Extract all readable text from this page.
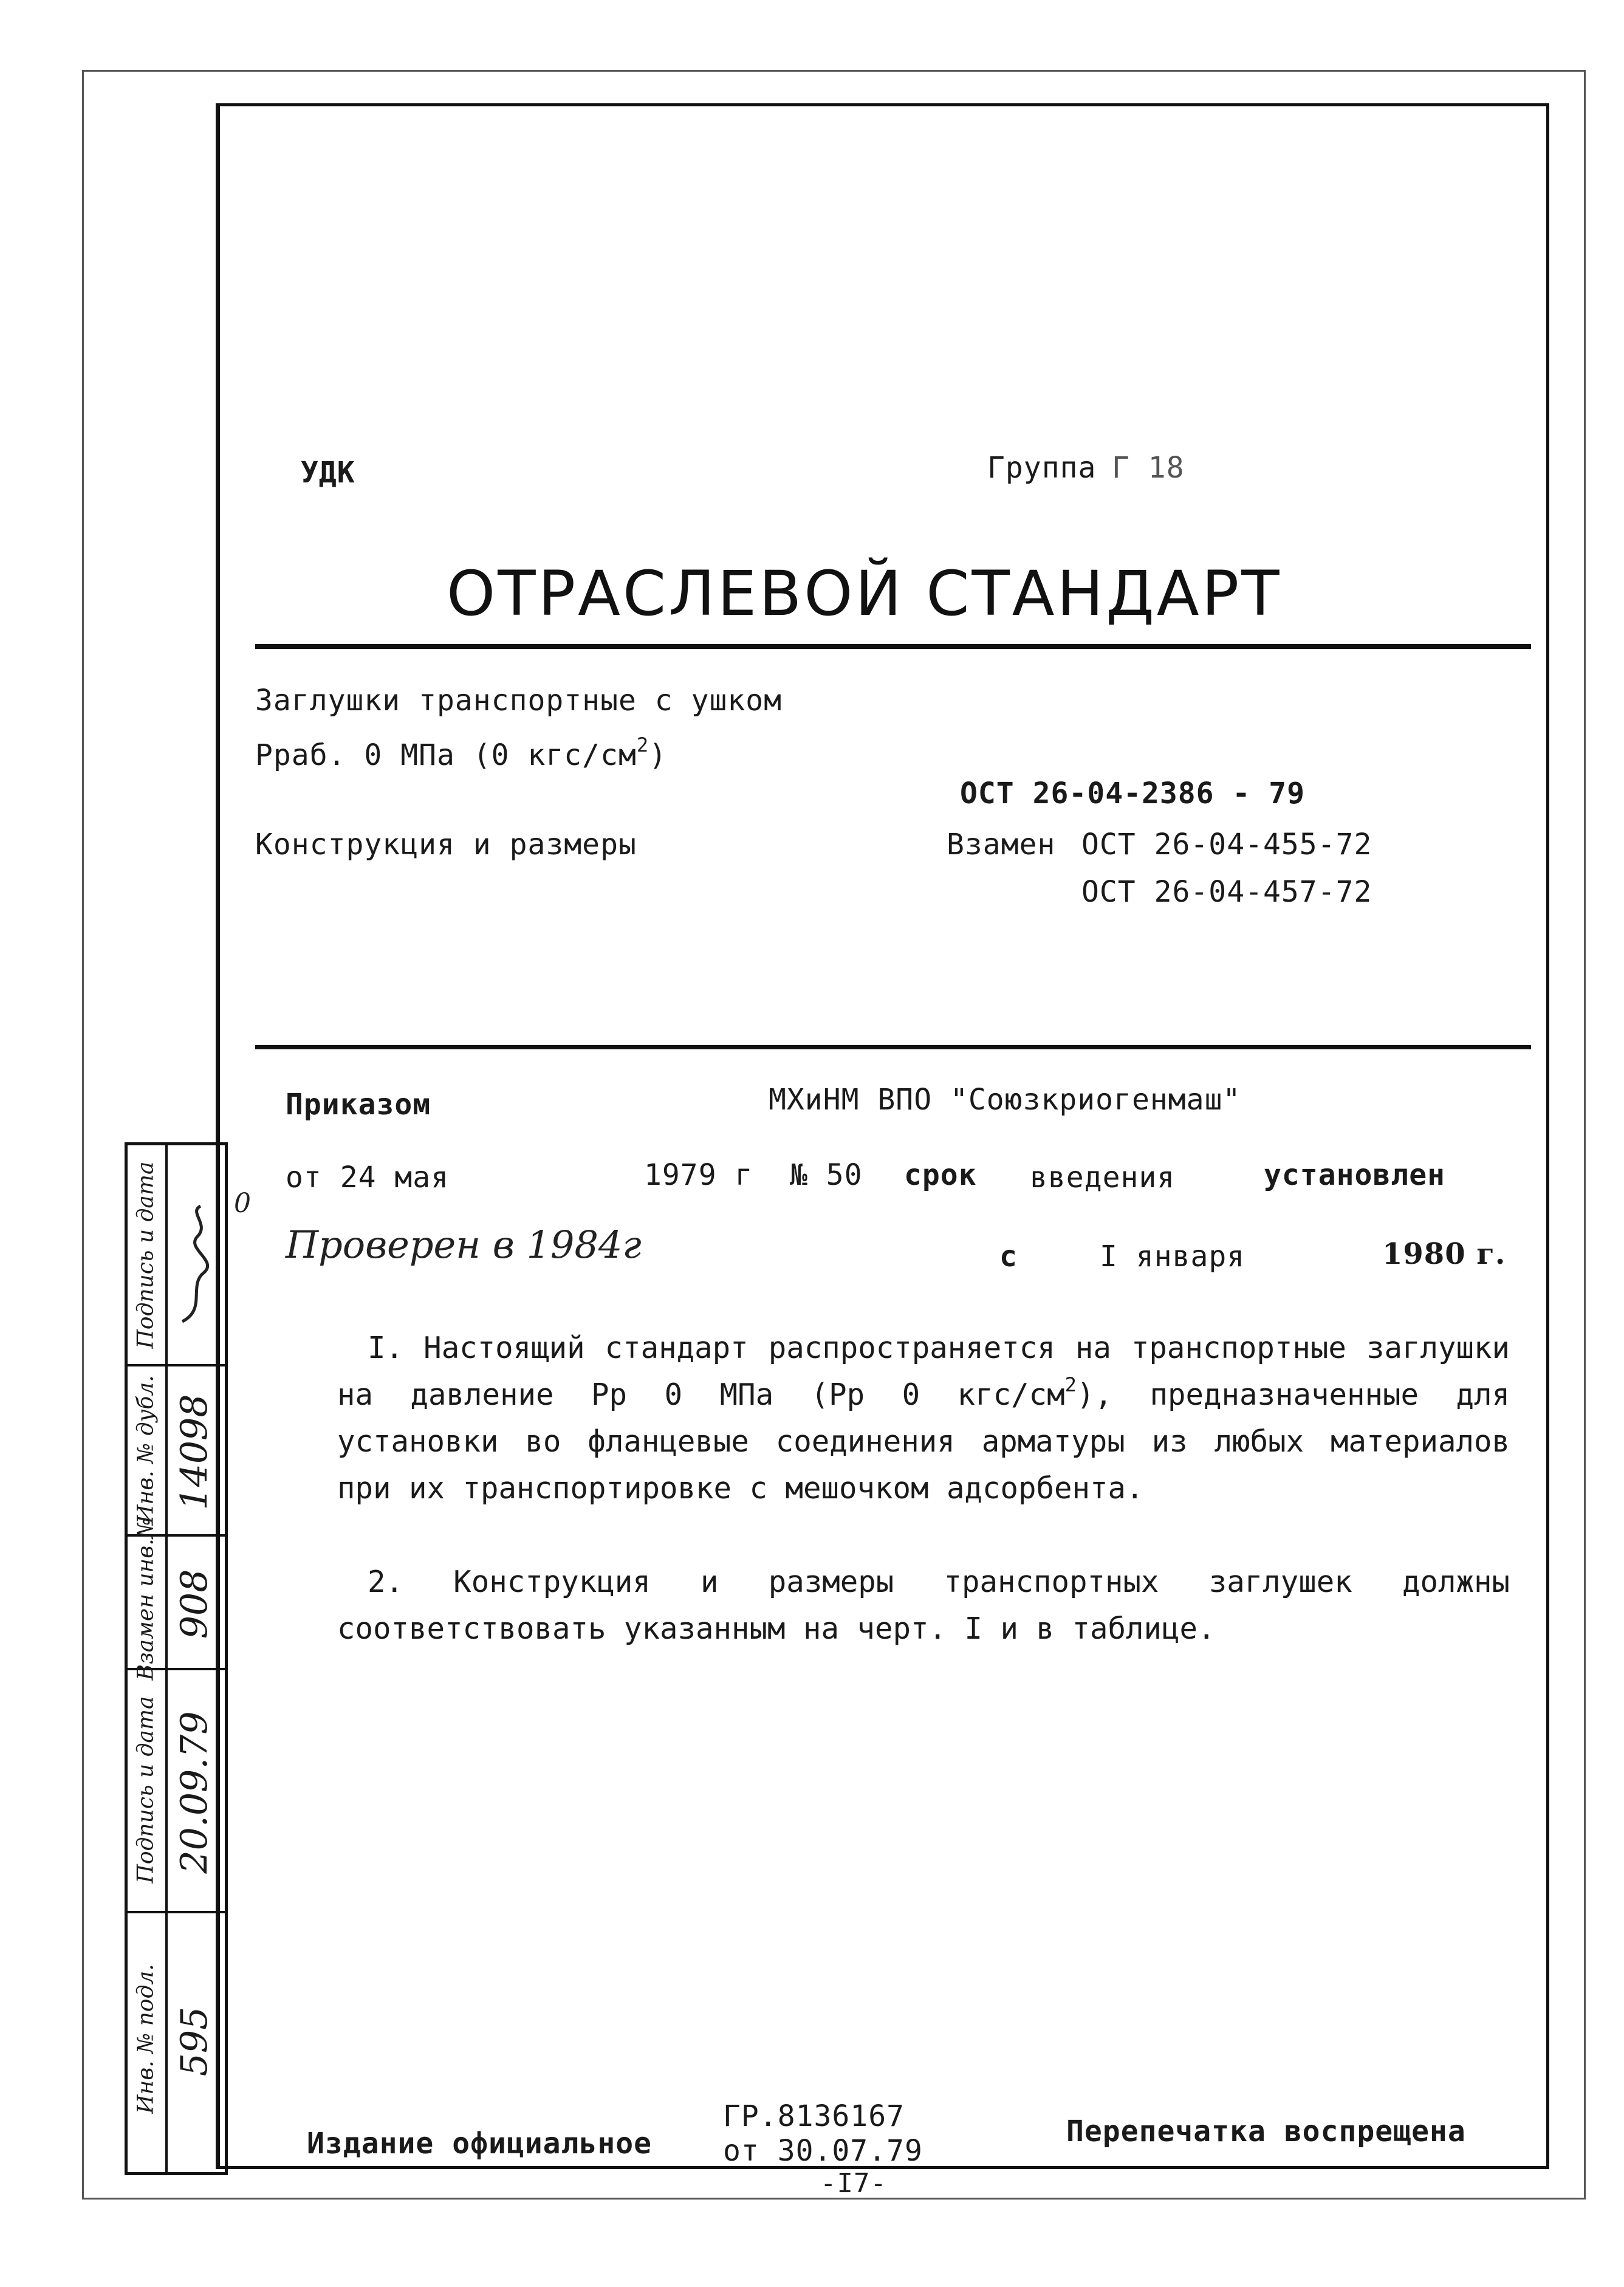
УДК	Группа Г 18
ОТРАСЛЕВОЙ СТАНДАРТ
Заглушки транспортные с ушком
Рраб. 0 МПа (0 кгс/$см^2$)
Конструкция и размеры
ОСТ 26-04-2386 - 79
Взамен ОСТ 26-04-455-72
ОСТ 26-04-457-72
Приказом	МХиНМ ВПО "Союзкриогенмаш"
от 24 мая	1979 г № 50 срок введения	установлен
0
Проверен в 1984г	с	I января	1980 г.
I. Настоящий стандарт распространяется на транспортные заглушки на давление Рр 0 МПа (Рр 0 кгс/$см^2$), предназначенные для установки во фланцевые соединения арматуры из любых материалов при их транспортировке с мешочком адсорбента.
2. Конструкция и размеры транспортных заглушек должны соответствовать указанным на черт. I и в таблице.
Издание официальное
ГР.8136167
от 30.07.79
Перепечатка воспрещена
-I7-
Инв. № подл. 595
Подпись и дата 20.09.79
Взамен инв.№ 908
Инв. № дубл. 14098
Подпись и дата
